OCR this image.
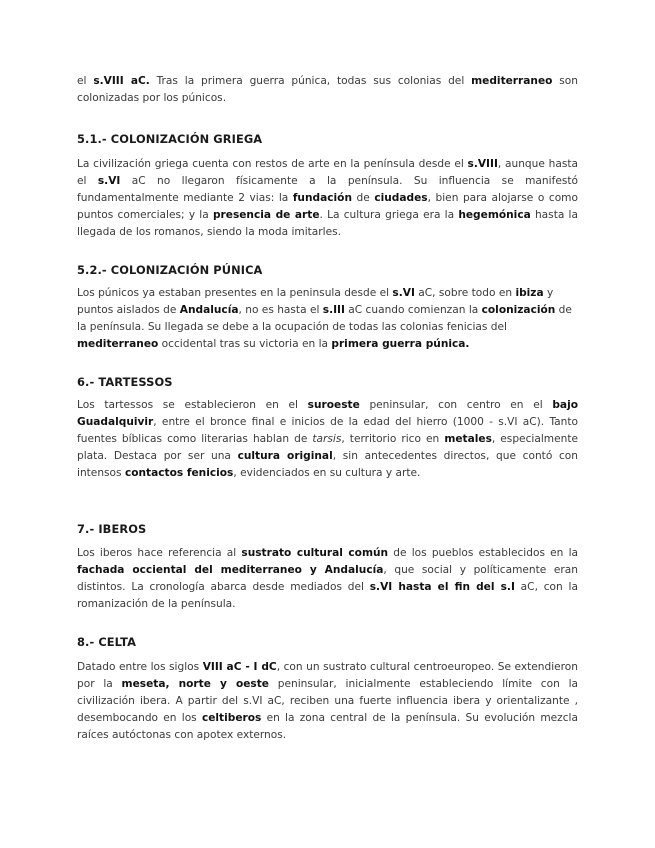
el s.VIII aC. Tras la primera guerra púnica, todas sus colonias del mediterraneo son colonizadas por los púnicos.

5.1.- COLONIZACIÓN GRIEGA

La civilización griega cuenta con restos de arte en la península desde el s.VIII, aunque hasta el s.VI aC no llegaron físicamente a la península. Su influencia se manifestó fundamentalmente mediante 2 vias: la fundación de ciudades, bien para alojarse o como puntos comerciales; y la presencia de arte. La cultura griega era la hegemónica hasta la llegada de los romanos, siendo la moda imitarles.

5.2.- COLONIZACIÓN PÚNICA

Los púnicos ya estaban presentes en la peninsula desde el s.VI aC, sobre todo en ibiza y puntos aislados de Andalucía, no es hasta el s.III aC cuando comienzan la colonización de la península. Su llegada se debe a la ocupación de todas las colonias fenicias del mediterraneo occidental tras su victoria en la primera guerra púnica.

6.- TARTESSOS

Los tartessos se establecieron en el suroeste peninsular, con centro en el bajo Guadalquivir, entre el bronce final e inicios de la edad del hierro (1000 - s.VI aC). Tanto fuentes bíblicas como literarias hablan de tarsis, territorio rico en metales, especialmente plata. Destaca por ser una cultura original, sin antecedentes directos, que contó con intensos contactos fenicios, evidenciados en su cultura y arte.

7.- IBEROS

Los iberos hace referencia al sustrato cultural común de los pueblos establecidos en la fachada occiental del mediterraneo y Andalucía, que social y políticamente eran distintos. La cronología abarca desde mediados del s.VI hasta el fin del s.I aC, con la romanización de la península.

8.- CELTA

Datado entre los siglos VIII aC - I dC, con un sustrato cultural centroeuropeo. Se extendieron por la meseta, norte y oeste peninsular, inicialmente estableciendo límite con la civilización ibera. A partir del s.VI aC, reciben una fuerte influencia ibera y orientalizante , desembocando en los celtiberos en la zona central de la península. Su evolución mezcla raíces autóctonas con apotex externos.
